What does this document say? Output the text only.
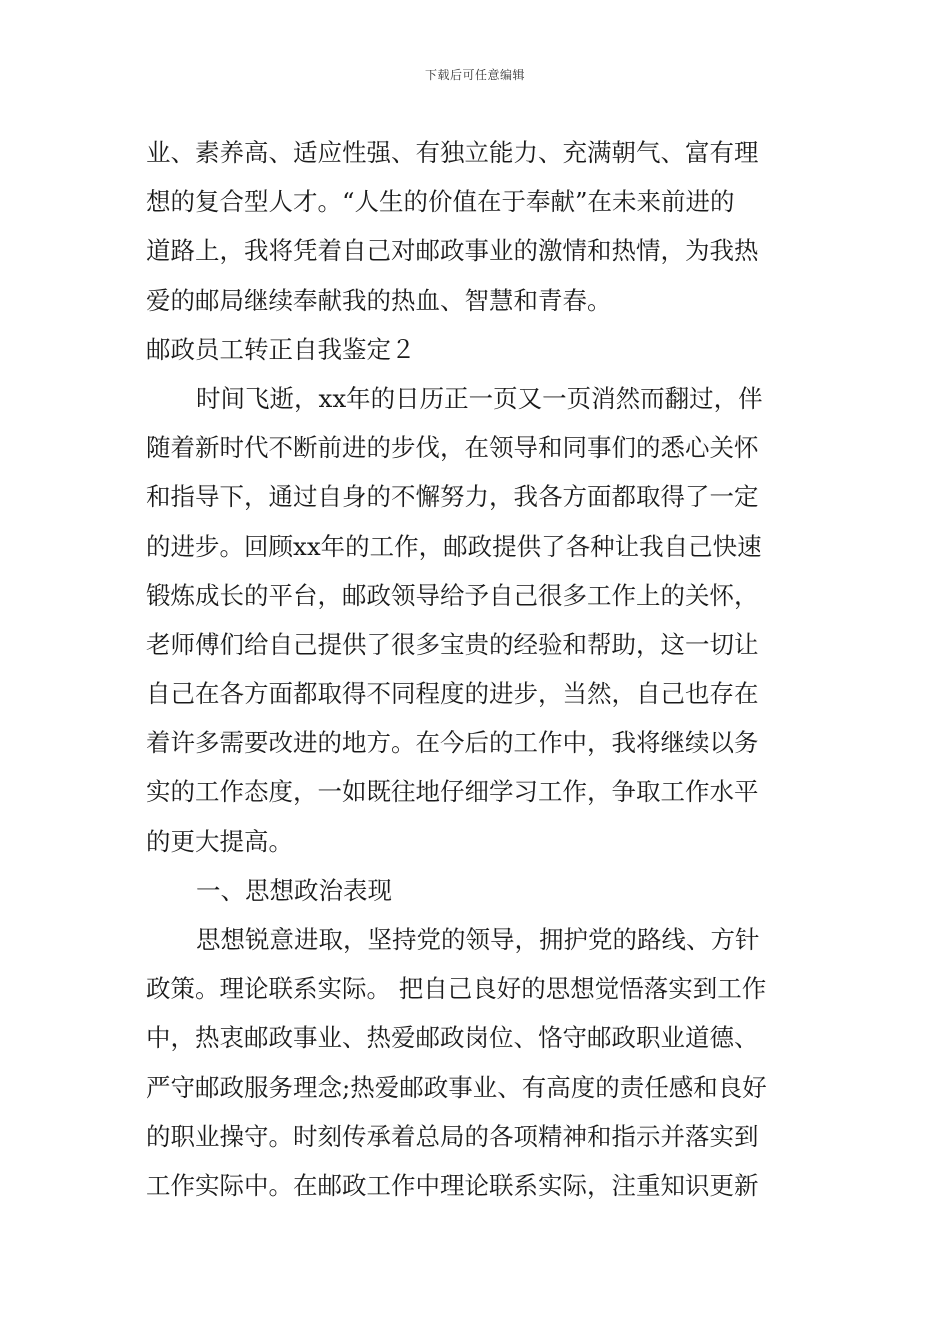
下载后可任意编辑
业、素养高、适应性强、有独立能力、充满朝气、富有理
想的复合型人才。“人生的价值在于奉献”在未来前进的
道路上，我将凭着自己对邮政事业的激情和热情，为我热
爱的邮局继续奉献我的热血、智慧和青春。
邮政员工转正自我鉴定２
时间飞逝，xx年的日历正一页又一页消然而翻过，伴
随着新时代不断前进的步伐，在领导和同事们的悉心关怀
和指导下，通过自身的不懈努力，我各方面都取得了一定
的进步。回顾xx年的工作，邮政提供了各种让我自己快速
锻炼成长的平台，邮政领导给予自己很多工作上的关怀，
老师傅们给自己提供了很多宝贵的经验和帮助，这一切让
自己在各方面都取得不同程度的进步，当然，自己也存在
着许多需要改进的地方。在今后的工作中，我将继续以务
实的工作态度，一如既往地仔细学习工作，争取工作水平
的更大提高。
一、思想政治表现
思想锐意进取，坚持党的领导，拥护党的路线、方针
政策。理论联系实际。 把自己良好的思想觉悟落实到工作
中，热衷邮政事业、热爱邮政岗位、恪守邮政职业道德、
严守邮政服务理念;热爱邮政事业、有高度的责任感和良好
的职业操守。时刻传承着总局的各项精神和指示并落实到
工作实际中。在邮政工作中理论联系实际，注重知识更新
